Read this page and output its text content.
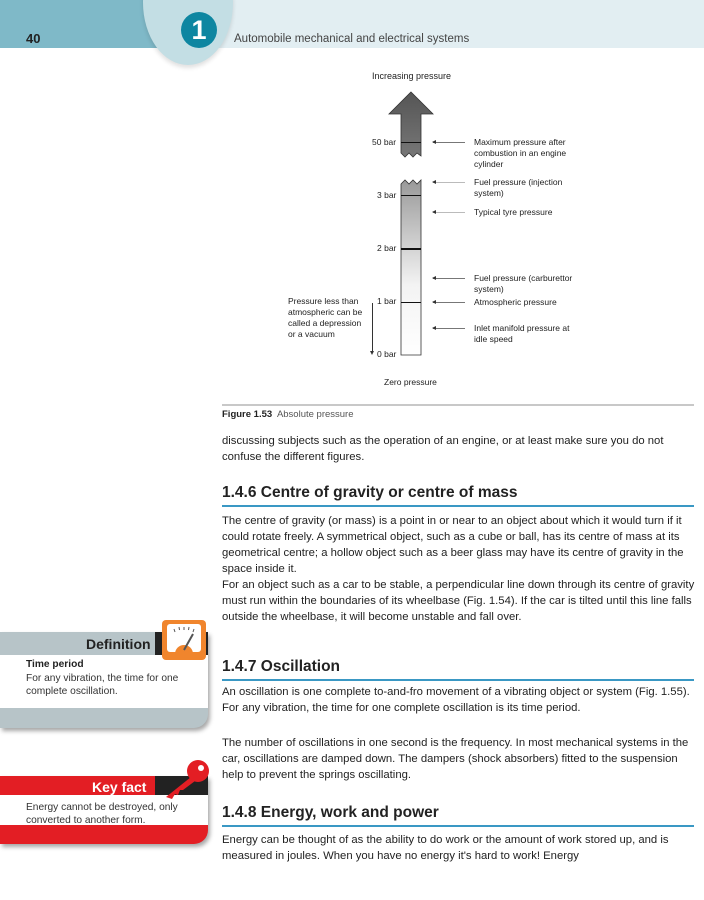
1
40	Automobile mechanical and electrical systems
Increasing pressure
50 bar
3 bar
2 bar
1 bar
0 bar
Maximum pressure after combustion in an engine cylinder
Fuel pressure (injection system)
Typical tyre pressure
Fuel pressure (carburettor system)
Atmospheric pressure
Inlet manifold pressure at idle speed
Pressure less than atmospheric can be called a depression or a vacuum
Zero pressure
Figure 1.53 Absolute pressure
discussing subjects such as the operation of an engine, or at least make sure you do not confuse the different figures.
1.4.6 Centre of gravity or centre of mass
The centre of gravity (or mass) is a point in or near to an object about which it would turn if it could rotate freely. A symmetrical object, such as a cube or ball, has its centre of mass at its geometrical centre; a hollow object such as a beer glass may have its centre of gravity in the space inside it.
For an object such as a car to be stable, a perpendicular line down through its centre of gravity must run within the boundaries of its wheelbase (Fig. 1.54). If the car is tilted until this line falls outside the wheelbase, it will become unstable and fall over.
1.4.7 Oscillation
An oscillation is one complete to-and-fro movement of a vibrating object or system (Fig. 1.55). For any vibration, the time for one complete oscillation is its time period.
The number of oscillations in one second is the frequency. In most mechanical systems in the car, oscillations are damped down. The dampers (shock absorbers) fitted to the suspension help to prevent the springs oscillating.
1.4.8 Energy, work and power
Energy can be thought of as the ability to do work or the amount of work stored up, and is measured in joules. When you have no energy it's hard to work! Energy
Definition
Time period
For any vibration, the time for one complete oscillation.
Key fact
Energy cannot be destroyed, only converted to another form.
